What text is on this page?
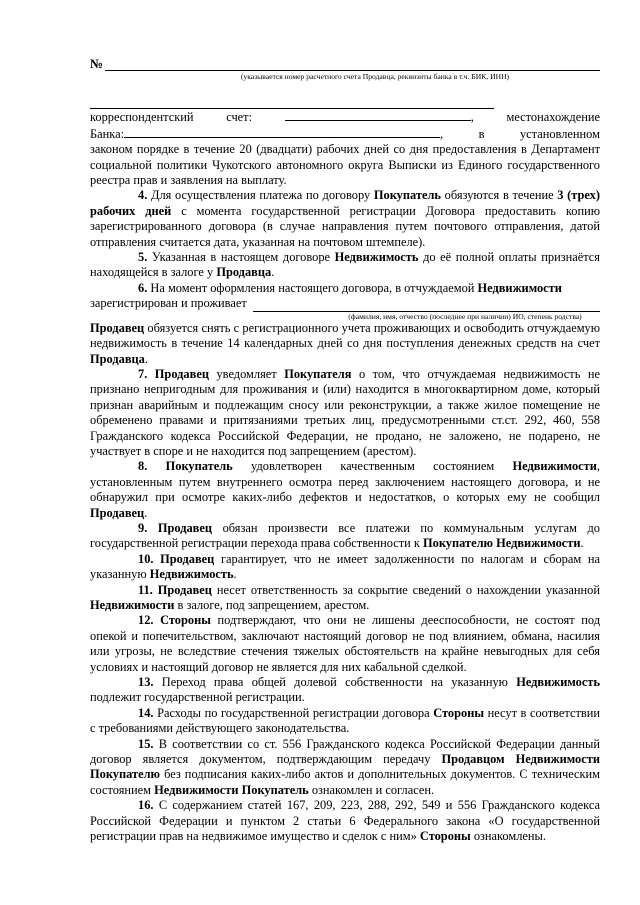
№
(указывается номер расчетного счета Продавца, реквизиты банка в т.ч. БИК, ИНН)
корреспондентский	счет:	,	местонахождение
Банка:	,	в	установленном

законом порядке в течение 20 (двадцати) рабочих дней со дня предоставления в Департамент социальной политики Чукотского автономного округа Выписки из Единого государственного реестра прав и заявления на выплату.

4. Для осуществления платежа по договору Покупатель обязуются в течение 3 (трех) рабочих дней с момента государственной регистрации Договора предоставить копию зарегистрированного договора (в случае направления путем почтового отправления, датой отправления считается дата, указанная на почтовом штемпеле).

5. Указанная в настоящем договоре Недвижимость до её полной оплаты признаётся находящейся в залоге у Продавца.

6. На момент оформления настоящего договора, в отчуждаемой Недвижимости

зарегистрирован и проживает
(фамилия, имя, отчество (последнее при наличии) ИО, степень родства)

Продавец обязуется снять с регистрационного учета проживающих и освободить отчуждаемую недвижимость в течение 14 календарных дней со дня поступления денежных средств на счет Продавца.

7. Продавец уведомляет Покупателя о том, что отчуждаемая недвижимость не признано непригодным для проживания и (или) находится в многоквартирном доме, который признан аварийным и подлежащим сносу или реконструкции, а также жилое помещение не обременено правами и притязаниями третьих лиц, предусмотренными ст.ст. 292, 460, 558 Гражданского кодекса Российской Федерации, не продано, не заложено, не подарено, не участвует в споре и не находится под запрещением (арестом).

8. Покупатель удовлетворен качественным состоянием Недвижимости, установленным путем внутреннего осмотра перед заключением настоящего договора, и не обнаружил при осмотре каких-либо дефектов и недостатков, о которых ему не сообщил Продавец.

9. Продавец обязан произвести все платежи по коммунальным услугам до государственной регистрации перехода права собственности к Покупателю Недвижимости.

10. Продавец гарантирует, что не имеет задолженности по налогам и сборам на указанную Недвижимость.

11. Продавец несет ответственность за сокрытие сведений о нахождении указанной Недвижимости в залоге, под запрещением, арестом.

12. Стороны подтверждают, что они не лишены дееспособности, не состоят под опекой и попечительством, заключают настоящий договор не под влиянием, обмана, насилия или угрозы, не вследствие стечения тяжелых обстоятельств на крайне невыгодных для себя условиях и настоящий договор не является для них кабальной сделкой.

13. Переход права общей долевой собственности на указанную Недвижимость подлежит государственной регистрации.

14. Расходы по государственной регистрации договора Стороны несут в соответствии с требованиями действующего законодательства.

15. В соответствии со ст. 556 Гражданского кодекса Российской Федерации данный договор является документом, подтверждающим передачу Продавцом Недвижимости Покупателю без подписания каких-либо актов и дополнительных документов. С техническим состоянием Недвижимости Покупатель ознакомлен и согласен.

16. С содержанием статей 167, 209, 223, 288, 292, 549 и 556 Гражданского кодекса Российской Федерации и пунктом 2 статьи 6 Федерального закона «О государственной регистрации прав на недвижимое имущество и сделок с ним» Стороны ознакомлены.
